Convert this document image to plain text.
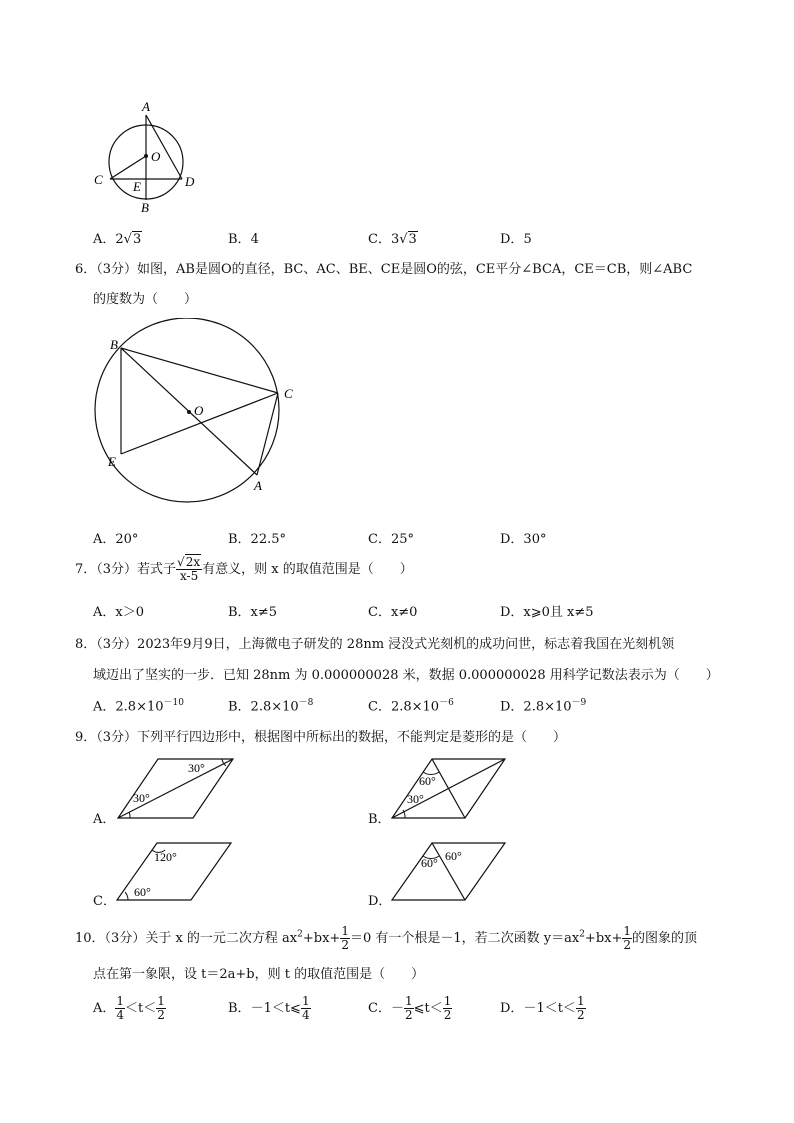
A
O
C E	D
B
A．2√3	B．4	C．3√3	D．5
6．（3分）如图，AB是圆O的直径，BC、AC、BE、CE是圆O的弦，CE平分∠BCA，CE＝CB，则∠ABC
的度数为（　　）
B
C
O
E
A
A．20°	B．22.5°	C．25°	D．30°
7．（3分）若式子 $\frac{√2x}{x-5}$ 有意义，则 x 的取值范围是（　　）
A．x＞0	B．x≠5	C．x≠0	D．x⩾0且 x≠5
8．（3分）2023年9月9日，上海微电子研发的 28nm 浸没式光刻机的成功问世，标志着我国在光刻机领
域迈出了坚实的一步．已知 28nm 为 0.000000028 米，数据 0.000000028 用科学记数法表示为（　　）
A．$2.8\times 10^{-10}$	B．$2.8\times 10^{-8}$	C．$2.8\times 10^{-6}$	D．$2.8\times 10^{-9}$
9．（3分）下列平行四边形中，根据图中所标出的数据，不能判定是菱形的是（　　）
A．
30°
30°
B．
60°
30°
C．
120°
60°
D．
60° 60°
10．（3分）关于 x 的一元二次方程 $ax^2+bx+ \frac{1}{2} =0$ 有一个根是－1，若二次函数 $y=ax^2+bx+ \frac{1}{2}$ 的图象的顶
点在第一象限，设 t＝2a+b，则 t 的取值范围是（　　）
A． $\frac{1}{4} <t< \frac{1}{2}$	B．－1＜t⩽ $\frac{1}{4}$	C．－ $\frac{1}{2}$ ⩽t＜ $\frac{1}{2}$	D．$-1<t< \frac{1}{2}$
